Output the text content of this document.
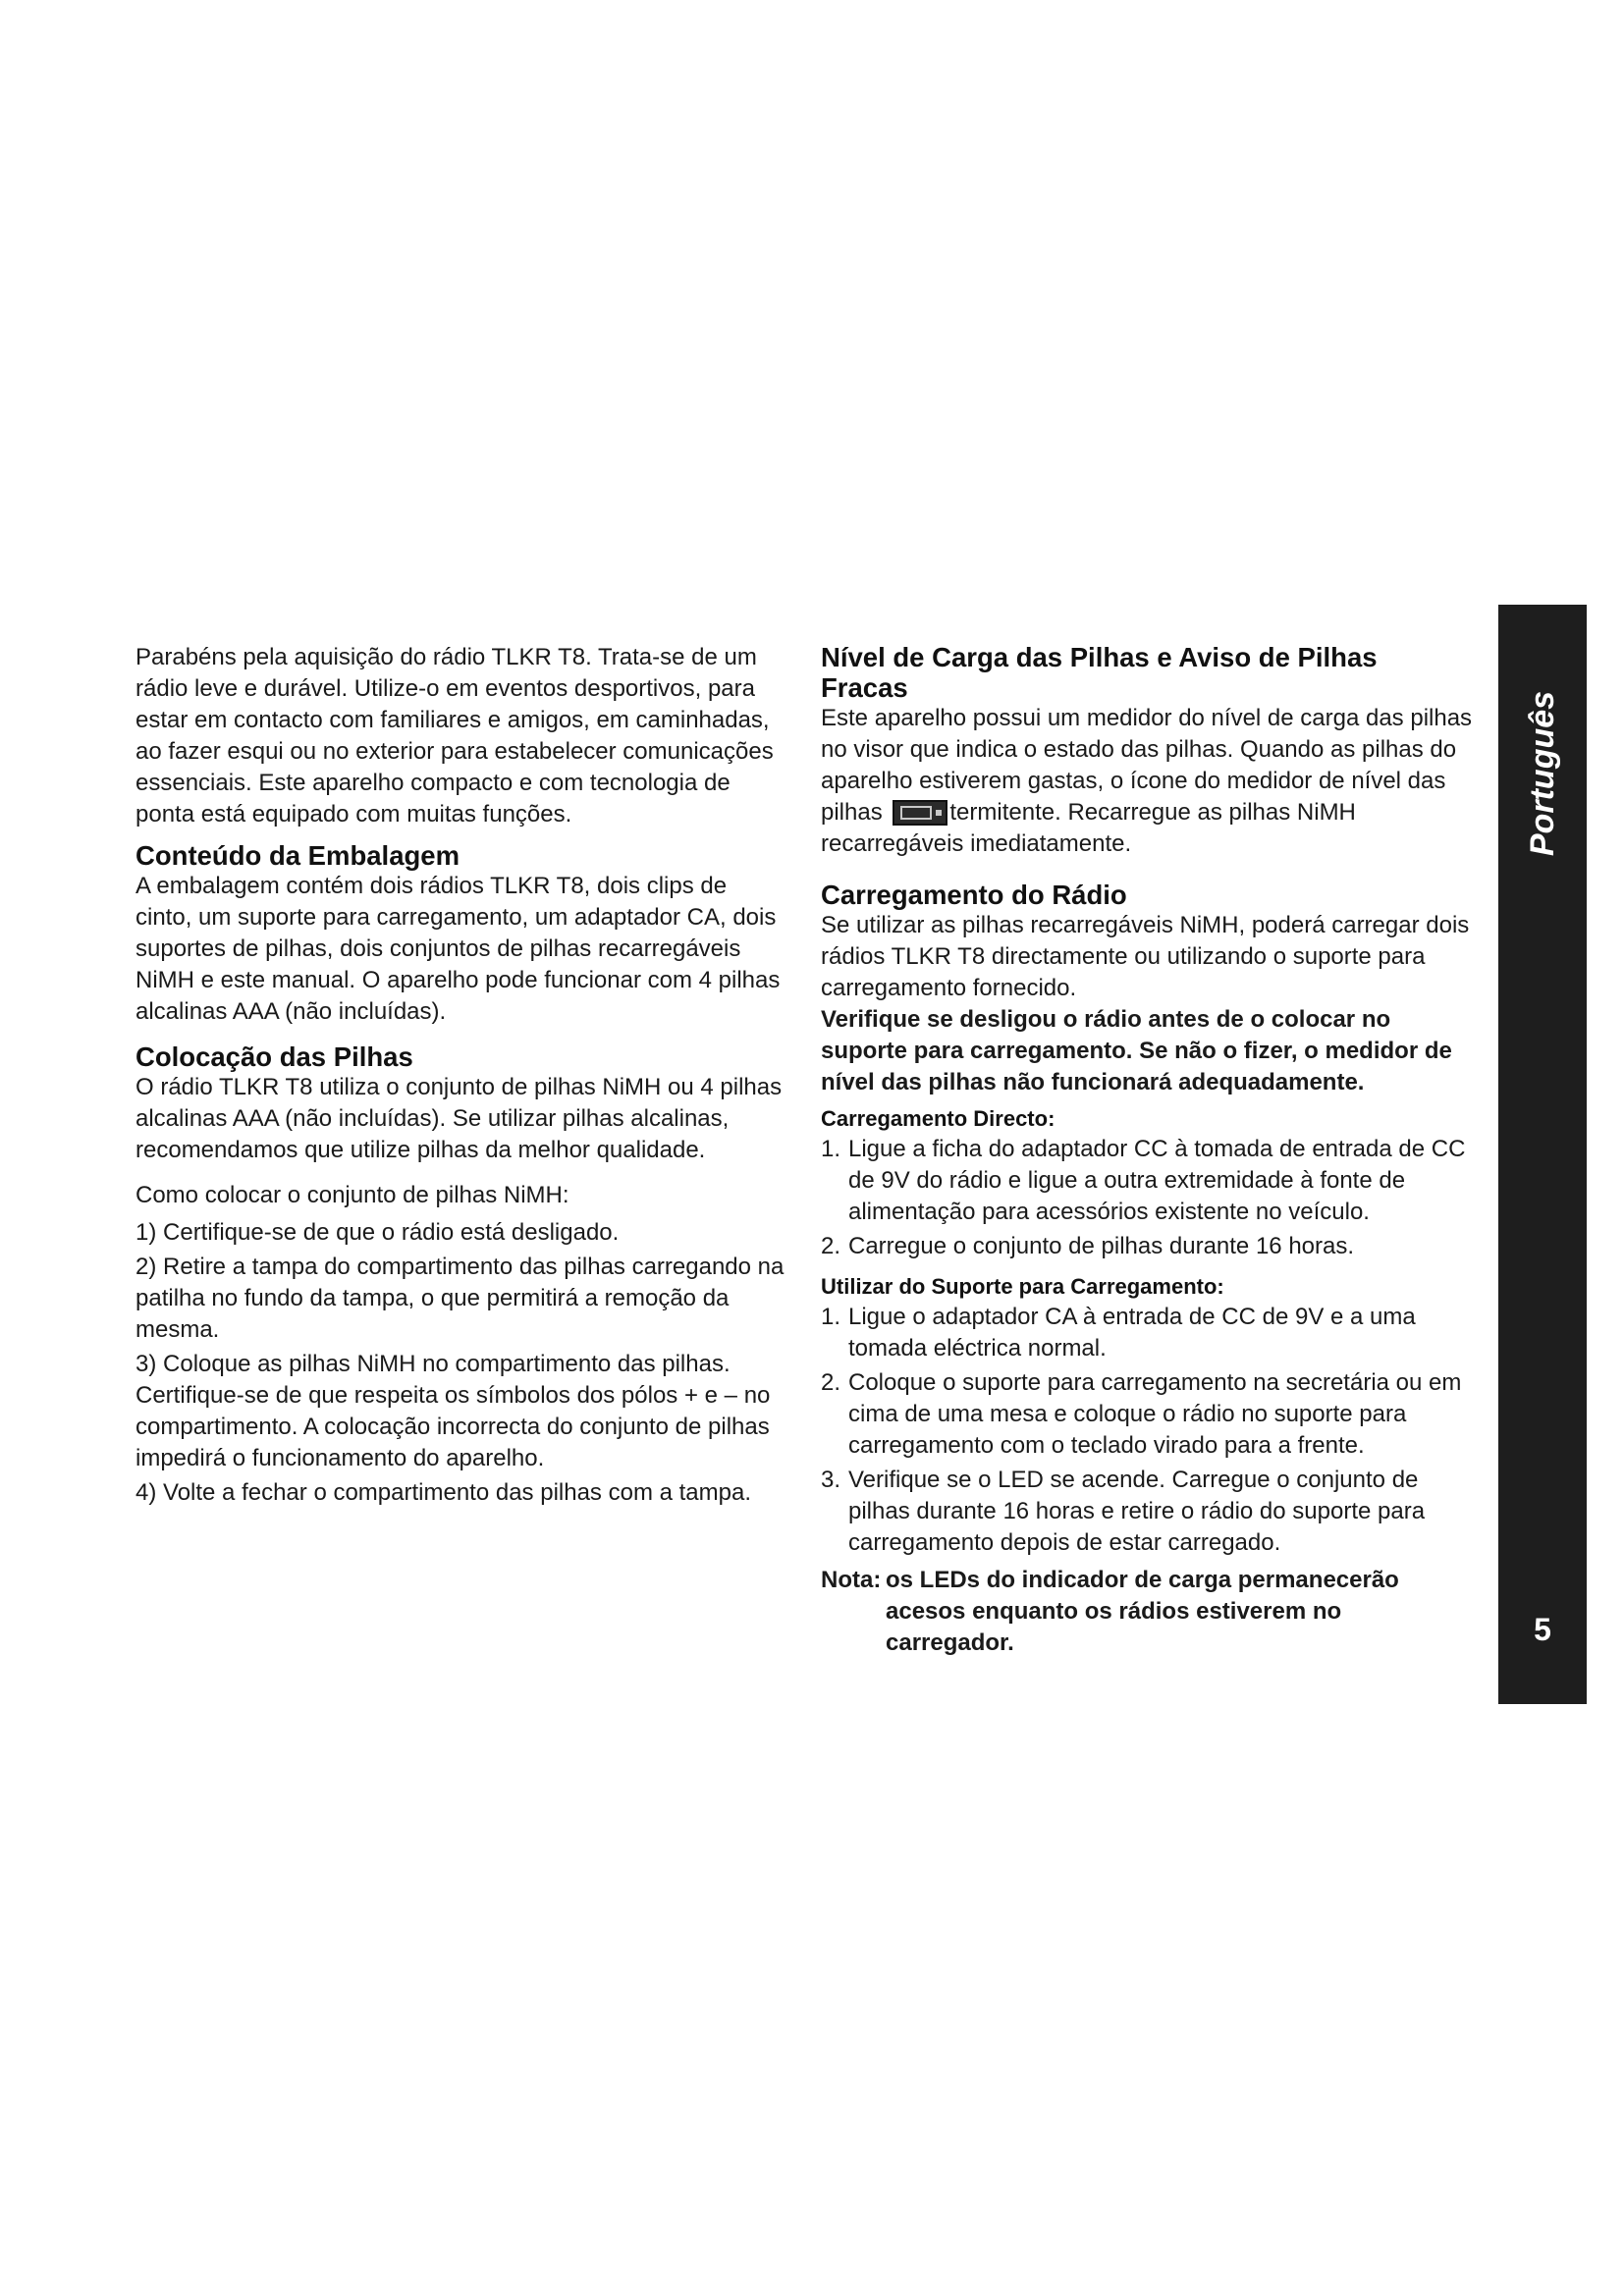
Parabéns pela aquisição do rádio TLKR T8. Trata-se de um rádio leve e durável. Utilize-o em eventos desportivos, para estar em contacto com familiares e amigos, em caminhadas, ao fazer esqui ou no exterior para estabelecer comunicações essenciais. Este aparelho compacto e com tecnologia de ponta está equipado com muitas funções.

Conteúdo da Embalagem

A embalagem contém dois rádios TLKR T8, dois clips de cinto, um suporte para carregamento, um adaptador CA, dois suportes de pilhas, dois conjuntos de pilhas recarregáveis NiMH e este manual. O aparelho pode funcionar com 4 pilhas alcalinas AAA (não incluídas).

Colocação das Pilhas

O rádio TLKR T8 utiliza o conjunto de pilhas NiMH ou 4 pilhas alcalinas AAA (não incluídas). Se utilizar pilhas alcalinas, recomendamos que utilize pilhas da melhor qualidade.

Como colocar o conjunto de pilhas NiMH:

1) Certifique-se de que o rádio está desligado.

2) Retire a tampa do compartimento das pilhas carregando na patilha no fundo da tampa, o que permitirá a remoção da mesma.

3) Coloque as pilhas NiMH no compartimento das pilhas. Certifique-se de que respeita os símbolos dos pólos + e – no compartimento. A colocação incorrecta do conjunto de pilhas impedirá o funcionamento do aparelho.

4) Volte a fechar o compartimento das pilhas com a tampa.

Nível de Carga das Pilhas e Aviso de Pilhas
Fracas

Este aparelho possui um medidor do nível de carga das pilhas no visor que indica o estado das pilhas. Quando as pilhas do aparelho estiverem gastas, o ícone do medidor de nível das pilhas	termitente. Recarregue as pilhas NiMH recarregáveis imediatamente.

Carregamento do Rádio

Se utilizar as pilhas recarregáveis NiMH, poderá carregar dois rádios TLKR T8 directamente ou utilizando o suporte para carregamento fornecido.

Verifique se desligou o rádio antes de o colocar no suporte para carregamento. Se não o fizer, o medidor de nível das pilhas não funcionará adequadamente.

Carregamento Directo:
1. Ligue a ficha do adaptador CC à tomada de entrada de CC de 9V do rádio e ligue a outra extremidade à fonte de alimentação para acessórios existente no veículo.
2. Carregue o conjunto de pilhas durante 16 horas.
Utilizar do Suporte para Carregamento:
1. Ligue o adaptador CA à entrada de CC de 9V e a uma tomada eléctrica normal.
2. Coloque o suporte para carregamento na secretária ou em cima de uma mesa e coloque o rádio no suporte para carregamento com o teclado virado para a frente.
3. Verifique se o LED se acende. Carregue o conjunto de pilhas durante 16 horas e retire o rádio do suporte para carregamento depois de estar carregado.

Nota: os LEDs do indicador de carga permanecerão acesos enquanto os rádios estiverem no carregador.

Português
5
